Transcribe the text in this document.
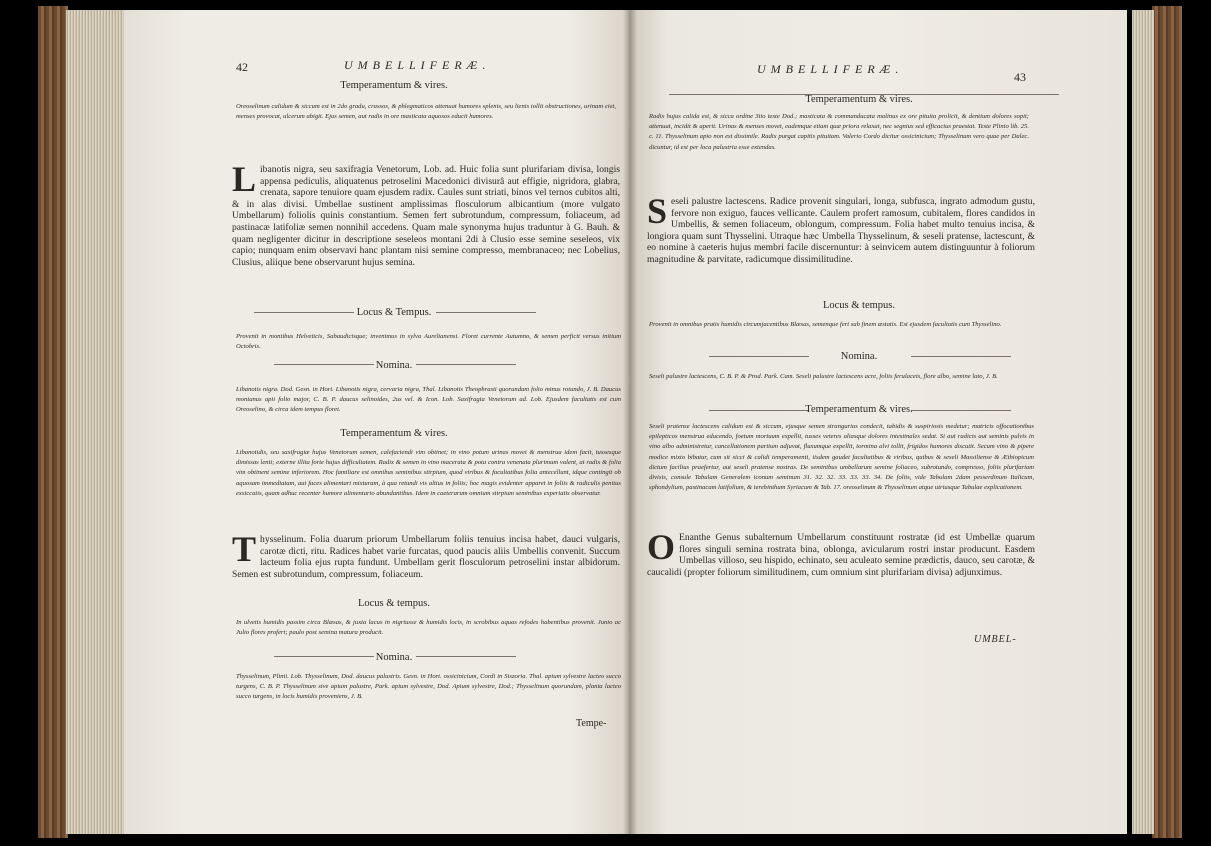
42	UMBELLIFERÆ.
Temperamentum & vires.
Oreoselinum calidum & siccum est in 2do gradu, crassos, & phlegmaticos attenuat humores splenis, seu lienis tollit obstructiones, urinam ciet, menses provocat, ulcerum abigit. Ejus semen, aut radix in ore masticata aquosos educit humores.
Libanotis nigra, seu saxifragia Venetorum, Lob. ad. Huic folia sunt plurifariam divisa, longis appensa pediculis, aliquatenus petroselini Macedonici divisurâ aut effigie, nigridora, glabra, crenata, sapore tenuiore quam ejusdem radix. Caules sunt striati, binos vel ternos cubitos alti, & in alas divisi. Umbellae sustinent amplissimas flosculorum albicantium (more vulgato Umbellarum) foliolis quinis constantium. Semen fert subrotundum, compressum, foliaceum, ad pastinacæ latifoliæ semen nonnihil accedens. Quam male synonyma hujus traduntur à G. Bauh. & quam negligenter dicitur in descriptione seseleos montani 2di à Clusio esse semine seseleos, vix capio; nunquam enim observavi hanc plantam nisi semine compresso, membranaceo; nec Lobelius, Clusius, aliique bene observarunt hujus semina.
Locus & Tempus.
Provenit in montibus Helveticis, Sabaudicisque; invenimus in sylva Aurelianensi. Floret currente Autumno, & semen perficit versus initium Octobris.
Nomina.
Libanotis nigra. Dod. Gesn. in Hort. Libanotis nigra, cervaria nigra, Thal. Libanotis Theophrasti quorundam folio minus rotundo, J. B. Daucus montanus apii folio major, C. B. P. daucus selinoides, 2us vel. & Icon. Lob. Saxifragia Venetorum ad. Lob. Ejusdem facultatis est cum Oreoselino, & circa idem tempus floret.
Temperamentum & vires.
Libanotidis, seu saxifragiæ hujus Venetorum semen, calefaciendi vim obtinet; in vino potum urinas movet & menstrua idem facit, tussesque dimissas lenit; externe illita forte hujus difficultatem. Radix & semen in vino macerata & pota contra venenata plurimum valent, at radix & folia vim obtinent semine inferiorem. Hoc familiare est omnibus seminibus stirpium, quod viribus & facultatibus folia antecellunt, idque contingit ob aquosam immediatam, aut faces alimentari mixturam, à qua retundi vis altius in foliis; hoc magis evidenter apparet in foliis & radiculis penitus exsiccatis, quam adhuc recenter humore alimentario abundantibus. Idem in caeterarum omnium stirpium seminibus experiatis observatur.
Thysselinum. Folia duarum priorum Umbellarum foliis tenuius incisa habet, dauci vulgaris, carotæ dicti, ritu. Radices habet varie furcatas, quod paucis aliis Umbellis convenit. Succum lacteum folia ejus rupta fundunt. Umbellam gerit flosculorum petroselini instar albidorum. Semen est subrotundum, compressum, foliaceum.
Locus & tempus.
In ulvetis humidis passim circa Blæsas, & juxta lacus in nigriusse & humidis locis, in scrobibus aquas refodes habentibus provenit. Junio ac Julio flores profert; paulo post semina matura producit.
Nomina.
Thysselinum, Plinii. Lob. Thysselinum, Dod. daucus palustris. Gesn. in Hort. ossicinicium, Cordi in Siszoria. Thal. apium sylvestre lacteo succo turgens, C. B. P. Thysselinum sive apium palustre, Park. apium sylvestre, Dod. Apium sylvestre, Dod.; Thysselinum quorundam, planta lacteo succo turgens, in locis humidis proveniens, J. B.
Tempe-
UMBELLIFERÆ.
43
Temperamentum & vires.
Radix hujus calida est, & sicca ordine 3tio teste Dod.; masticata & commanducata malinus ex ore pituita prolicit, & dentium dolores sopit; attenuat, incidit & aperit. Urinas & menses movet, eademque etiam quæ priora relaxat, nec segnius sed efficacius praestat. Teste Plinio lib. 25. c. 11. Thysselinum apio non est dissimile. Radix purgat capitis pituitam. Valerio Cordo dicitur ossicinicium; Thysselinum vero quae per Dalec. dicuntur, id est per loca palustria esse extendas.
Seseli palustre lactescens. Radice provenit singulari, longa, subfusca, ingrato admodum gustu, fervore non exiguo, fauces vellicante. Caulem profert ramosum, cubitalem, flores candidos in Umbellis, & semen foliaceum, oblongum, compressum. Folia habet multo tenuius incisa, & longiora quam sunt Thysselini. Utraque hæc Umbella Thysselinum, & seseli pratense, lactescunt, & eo nomine à caeteris hujus membri facile discernuntur: à seinvicem autem distinguuntur à foliorum magnitudine & parvitate, radicumque dissimilitudine.
Locus & tempus.
Provenit in omnibus pratis humidis circumjacentibus Blæsas, semenque fert sub finem æstatis. Est ejusdem facultatis cum Thysselino.
Nomina.
Seseli palustre lactescens, C. B. P. & Prod. Park. Cam. Seseli palustre lactescens acre, foliis ferulaceis, flore albo, semine lato, J. B.
Temperamentum & vires.
Seseli pratense lactescens calidum est & siccum, ejusque semen strangurias condecit, tabidis & suspiriosis medetur; matricis offocationibus epilepticos menstrua educendo, foetum mortuum expellit, tusses veteres aliasque dolores intestinales sedat. Si aut radicis aut seminis pulvis in vino albo administretur, cancellationem partium adjuvat, fluxumque expellit, tormina alvi tollit, frigidos humores discutit. Secum vino & pipere modice mixto bibatur, cum sit sicci & calidi temperamenti, iisdem gaudet facultatibus & viribus, quibus & seseli Massiliense & Æthiopicum dictum facilius praefertur, aut seseli pratense nostras. De seminibus umbellarum semine foliaceo, subrotundo, compresso, foliis plurifariam divisis, consule Tabulam Generalem iconum seminum 31. 32. 32. 33. 33. 33. 34. De foliis, vide Tabulam 2dam pesserdinum Italicum, sphondylium, pastinacam latifolium, & terebinthum Syriacum & Tab. 17. oreoselinum & Thysselinum atque utriusque Tabulae explicationem.
O Enanthe Genus subalternum Umbellarum constituunt rostratæ (id est Umbellæ quarum flores singuli semina rostrata bina, oblonga, avicularum rostri instar producunt. Easdem Umbellas villoso, seu hispido, echinato, seu aculeato semine prædictis, dauco, seu carotæ, & caucalidi (propter foliorum similitudinem, cum omnium sint plurifariam divisa) adjunximus.
UMBEL-
